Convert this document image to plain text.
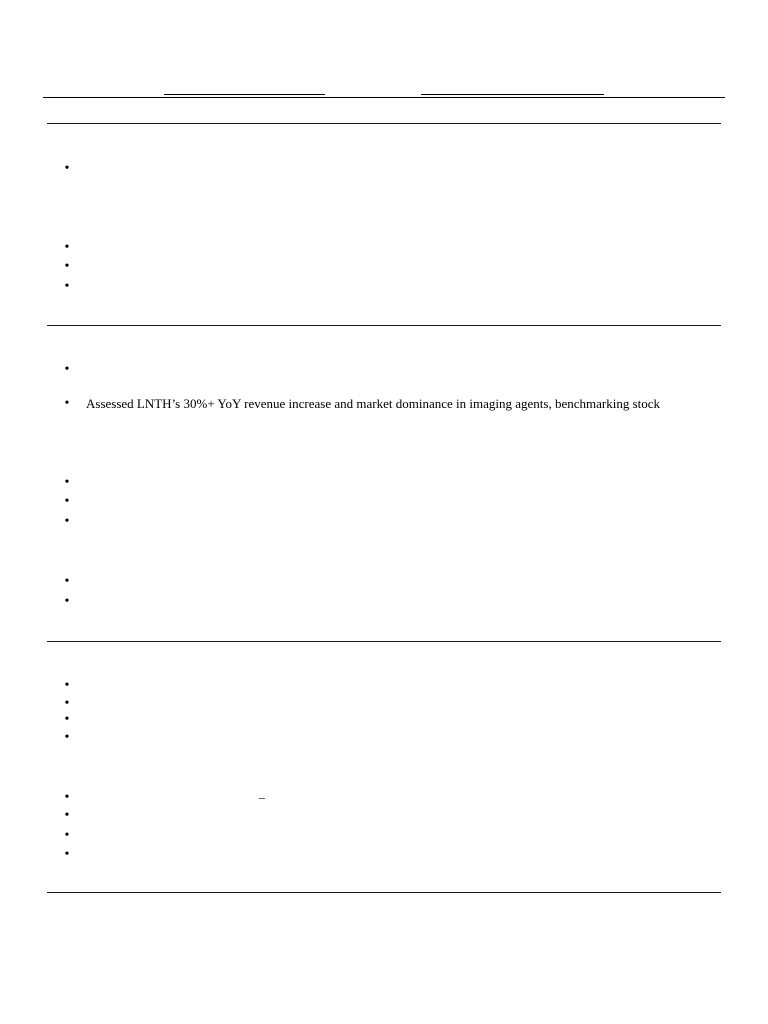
•
•
•
•
•
• Assessed LNTH’s 30%+ YoY revenue increase and market dominance in imaging agents, benchmarking stock
•
•
•
•
•
•
•
•
•
•	–
•
•
•
